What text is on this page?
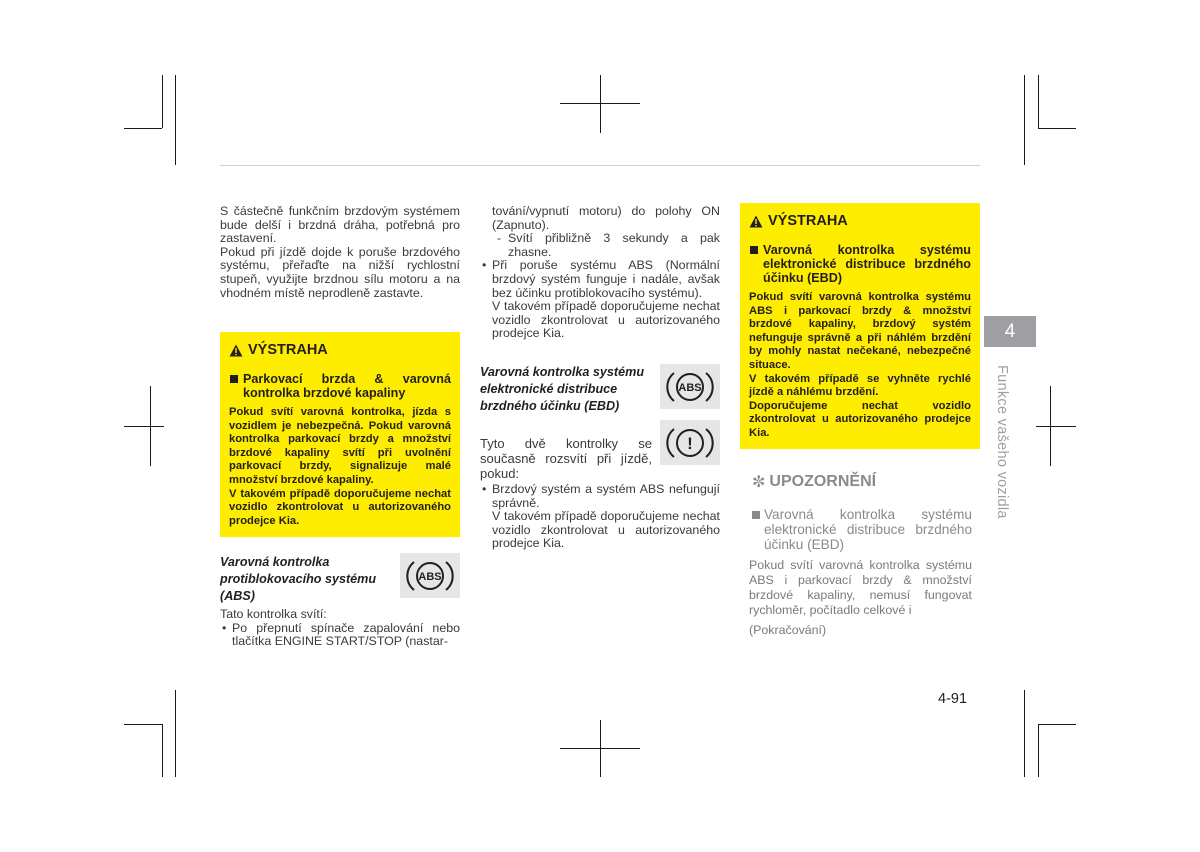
S částečně funkčním brzdovým systémem bude delší i brzdná dráha, potřebná pro zastavení.

Pokud při jízdě dojde k poruše brzdového systému, přeřaďte na nižší rychlostní stupeň, využijte brzdnou sílu motoru a na vhodném místě neprodleně zastavte.

VÝSTRAHA
Parkovací brzda & varovná kontrolka brzdové kapaliny
Pokud svítí varovná kontrolka, jízda s vozidlem je nebezpečná. Pokud varovná kontrolka parkovací brzdy a množství brzdové kapaliny svítí při uvolnění parkovací brzdy, signalizuje malé množství brzdové kapaliny.
V takovém případě doporučujeme nechat vozidlo zkontrolovat u autorizovaného prodejce Kia.
Varovná kontrolka protiblokovacího systému (ABS)
ABS

Tato kontrolka svítí:

• Po přepnutí spínače zapalování nebo tlačítka ENGINE START/STOP (nastar-

tování/vypnutí motoru) do polohy ON (Zapnuto).

- Svítí přibližně 3 sekundy a pak zhasne.

• Při poruše systému ABS (Normální brzdový systém funguje i nadále, avšak bez účinku protiblokovacího systému).

V takovém případě doporučujeme nechat vozidlo zkontrolovat u autorizovaného prodejce Kia.

Varovná kontrolka systému elektronické distribuce brzdného účinku (EBD)
ABS
!

Tyto dvě kontrolky se současně rozsvítí při jízdě, pokud:

• Brzdový systém a systém ABS nefungují správně.

V takovém případě doporučujeme nechat vozidlo zkontrolovat u autorizovaného prodejce Kia.

VÝSTRAHA
Varovná kontrolka systému elektronické distribuce brzdného účinku (EBD)
Pokud svítí varovná kontrolka systému ABS i parkovací brzdy & množství brzdové kapaliny, brzdový systém nefunguje správně a při náhlém brzdění by mohly nastat nečekané, nebezpečné situace.
V takovém případě se vyhněte rychlé jízdě a náhlému brzdění.
Doporučujeme nechat vozidlo zkontrolovat u autorizovaného prodejce Kia.
✼ UPOZORNĚNÍ
Varovná kontrolka systému elektronické distribuce brzdného účinku (EBD)
Pokud svítí varovná kontrolka systému ABS i parkovací brzdy & množství brzdové kapaliny, nemusí fungovat rychloměr, počítadlo celkové i
(Pokračování)
4
Funkce vašeho vozidla
4-91
